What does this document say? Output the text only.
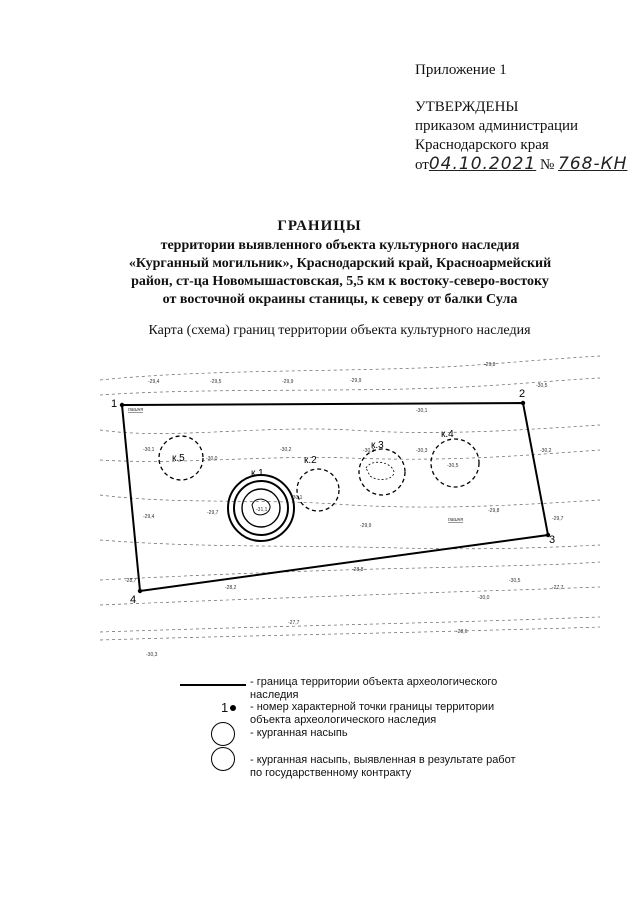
Приложение 1
УТВЕРЖДЕНЫ
приказом администрации
Краснодарского края
от04.10.2021 № 768-КН
ГРАНИЦЫ
территории выявленного объекта культурного наследия
«Курганный могильник», Краснодарский край, Красноармейский
район, ст-ца Новомышастовская, 5,5 км к востоку-северо-востоку
от восточной окраины станицы, к северу от балки Сула
Карта (схема) границ территории объекта культурного наследия
-29,4	-29,5	-29,9	-29,9
-29,8
-30,1
-30,1
-30,0
-30,2	-30,3	-30,3	-30,2
-30,5
-31,1
-29,7
-29,4
-29,9
-29,8
-29,7
-28,8
-28,7
-28,2	-27,7
-27,7
-28,6
-30,5
-30,5
-30,0
-30,1
-30,3
пашня
пашня
1
2
3
4
к.1
к.2
к.3
к.4
к.5
- граница территории объекта археологического
наследия
1 - номер характерной точки границы территории
объекта археологического наследия
- курганная насыпь
- курганная насыпь, выявленная в результате работ
по государственному контракту
